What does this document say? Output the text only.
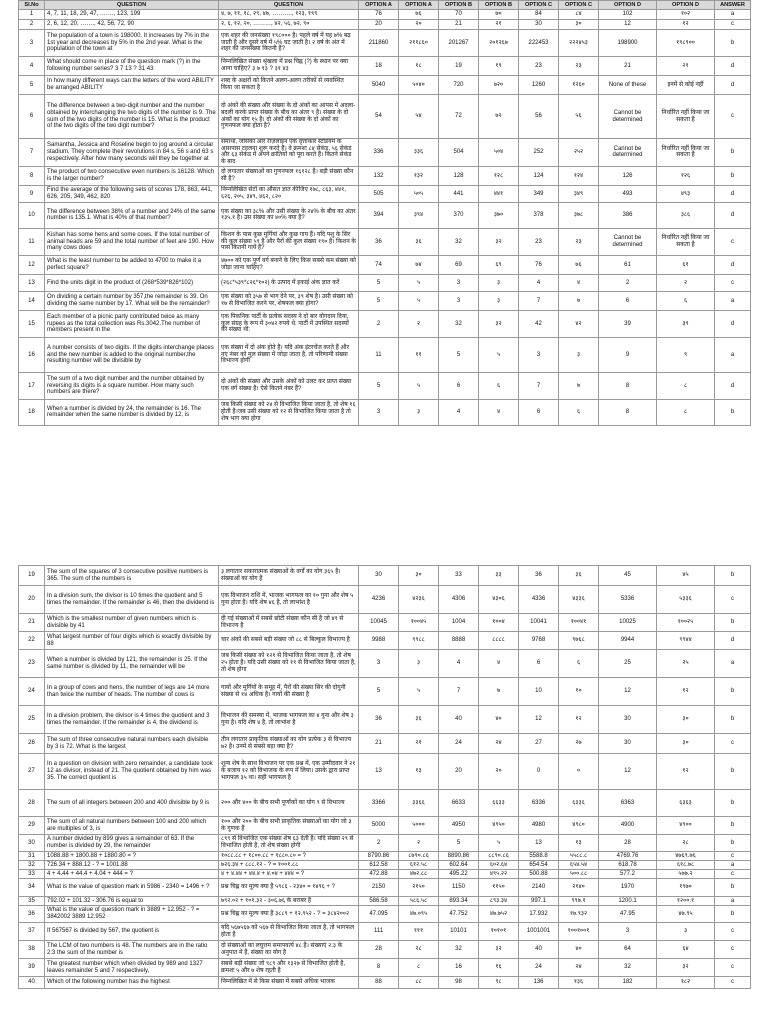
Sl.No	QUESTION	QUESTION	OPTION A	OPTION A	OPTION B	OPTION B	OPTION C	OPTION C	OPTION D	OPTION D	ANSWER
1	4, 7, 11, 18, 29, 47, ……., 123, 199	४, ७, ११, १८, २९, ४७, ………., १२३, १९९	76	७६	70	७०	84	८४	102	१०२	a
2	2, 6, 12, 20, ……., 42, 56, 72, 90	२, ६, १२, २०, ………, ४२, ५६, ७२, ९०	20	२०	21	२१	30	३०	12	१२	c
3	The population of a town is 198000. It increases by 7% in the 1st year and decreases by 5% in the 2nd year. What is the population of the town at	एक शहर की जनसंख्या १९८००० है। पहले वर्ष में यह ७% बढ़ जाती है और दूसरे वर्ष में ५% घट जाती है। २ वर्ष के अंत में शहर की जनसंख्या कितनी है?	211860	२११८६०	201267	२०१२६७	222453	२२२४५३	198900	१९८९००	b
4	What should come in place of the question mark (?) in the following number series? 3 7 13 ? 31 43	निम्नलिखित संख्या श्रृंखला में प्रश्न चिह्न (?) के स्थान पर क्या आना चाहिए? ३ ७ १३ ? ३१ ४३	18	१८	19	१९	23	२३	21	२१	d
5	In how many different ways can the letters of the word ABILITY be arranged ABILITY	शब्द के अक्षरों को कितने अलग-अलग तरीकों से व्यवस्थित किया जा सकता है	5040	५०४०	720	७२०	1260	१२६०	None of these	इनमें से कोई नहीं	d
6	The difference between a two-digit number and the number obtained by interchanging the two digits of the number is 9. The sum of the two digits of the number is 15. What is the product of the two digits of the two digit number?	दो अंकों की संख्या और संख्या के दो अंकों का आपस में अदला-बदली करके प्राप्त संख्या के बीच का अंतर ९ है। संख्या के दो अंकों का योग १५ है। दो अंकों की संख्या के दो अंकों का गुणनफल क्या होता है?	54	५४	72	७२	56	५६	Cannot be determined	निर्धारित नहीं किया जा सकता है	c
7	Samantha, Jessica and Roseline begin to jog around a circular stadium. They complete their revolutions in 84 s, 56 s and 63 s respectively. After how many seconds will they be together at	समांथा, जेसिका और रोज़लाइन एक वृत्ताकार स्टेडियम के आसपास टहलना शुरू करते हैं। वे क्रमशः ८४ सेकंड, ५६ सेकंड और ६३ सेकंड में अपने क्रांतियों को पूरा करते हैं। कितने सेकंड के बाद	336	३३६	504	५०४	252	२५२	Cannot be determined	निर्धारित नहीं किया जा सकता है	b
8	The product of two consecutive even numbers is 16128. Which is the larger number?	दो लगातार संख्याओं का गुणनफल १६१२८ है। बड़ी संख्या कौन सी है?	132	१३२	128	१२८	124	१२४	126	१२६	b
9	Find the average of the following sets of scores 178, 863, 441, 626, 205, 349, 462, 820	निम्नलिखित सेटों का औसत ज्ञात कीजिए १७८, ८६३, ४४१, ६२६, २०५, ३४९, ४६२, ८२०	505	५०५	441	४४१	349	३४९	493	४९३	d
10	The difference between 38% of a number and 24% of the same number is 135.1. What is 40% of that number?	एक संख्या का ३८% और उसी संख्या के २४% के बीच का अंतर १३५.१ है। उस संख्या का ४०% क्या है?	394	३९४	370	३७०	378	३७८	386	३८६	d
11	Kishan has some hens and some cows. If the total number of animal heads are 59 and the total number of feet are 190. How many cows does	किशन के पास कुछ मुर्गियां और कुछ गाय हैं। यदि पशु के सिर की कुल संख्या ५९ है और पैरों की कुल संख्या १९० है। किशन के पास कितनी गायें हैं?	36	३६	32	३२	23	२३	Cannot be determined	निर्धारित नहीं किया जा सकता है	c
12	What is the least number to be added to 4700 to make it a perfect square?	४७०० को एक पूर्ण वर्ग बनाने के लिए किस सबसे कम संख्या को जोड़ा जाना चाहिए?	74	७४	69	६९	76	७६	61	६१	d
13	Find the units digit in the product of (268*539*826*102)	(२६८*५३९*८२६*१०२) के उत्पाद में इकाई अंक ज्ञात करें	5	५	3	३	4	४	2	२	c
14	On dividing a certain number by 357,the remainder is 39. On dividing the same number by 17. What will be the remainder?	एक संख्या को ३५७ से भाग देने पर, ३९ शेष है। उसी संख्या को १७ से विभाजित करने पर, शेषफल क्या होगा?	5	५	3	३	7	७	6	६	a
15	Each member of a picnic party contributed twice as many rupees as the total collection was Rs.3042.The number of members present in the	एक पिकनिक पार्टी के प्रत्येक सदस्य ने दो बार योगदान दिया, कुल संग्रह के रूप में ३०४२ रुपये थे. पार्टी में उपस्थित सदस्यों की संख्या थी:	2	२	32	३२	42	४२	39	३९	d
16	A number consists of two digits. If the digits interchange places and the new number is added to the original number,the resulting number will be divisible by	एक संख्या में दो अंक होते हैं। यदि अंक इंटरचेंज करते हैं और नए नंबर को मूल संख्या में जोड़ा जाता है, तो परिणामी संख्या विभाज्य होगी	11	११	5	५	3	३	9	९	a
17	The sum of a two digit number and the number obtained by reversing its digits is a square number. How many such numbers are there?	दो अंकों की संख्या और उसके अंकों को उलट कर प्राप्त संख्या एक वर्ग संख्या है। ऐसे कितने नंबर हैं?	5	५	6	६	7	७	8	८	d
18	When a number is divided by 24, the remainder is 16. The remainder when the same number is divided by 12, is	जब किसी संख्या को २४ से विभाजित किया जाता है, तो शेष १६ होती है।जब उसी संख्या को १२ से विभाजित किया जाता है तो शेष भाग क्या होगा	3	३	4	४	6	६	8	८	b
19	The sum of the squares of 3 consecutive positive numbers is 365. The sum of the numbers is	३ लगातार सकारात्मक संख्याओं के वर्गों का योग ३६५ है। संख्याओं का योग है	30	३०	33	३३	36	३६	45	४५	b
20	In a division sum, the divisor is 10 times the quotient and 5 times the remainder. If the remainder is 46, then the dividend is	एक विभाजन राशि में, भाजक भागफल का १० गुना और शेष ५ गुना होता है। यदि शेष ४६ है, तो लाभांश है	4236	४२३६	4306	४३०६	4336	४३३६	5336	५३३६	c
21	Which is the smallest number of given numbers which is divisible by 41	दी गई संख्याओं में सबसे छोटी संख्या कौन सी है जो ४१ से विभाज्य है	10045	१००४५	1004	१००४	10041	१००४१	10025	१००२५	b
22	What largest number of four digits which is exactly divisible by 88	चार अंकों की सबसे बड़ी संख्या जो ८८ से बिल्कुल विभाज्य है	9988	९९८८	8888	८८८८	9768	९७६८	9944	९९४४	d
23	When a number is divided by 121, the remainder is 25. If the same number is divided by 11, the remainder will be	जब किसी संख्या को १२१ से विभाजित किया जाता है, तो शेष २५ होता है। यदि उसी संख्या को ११ से विभाजित किया जाता है, तो शेष होगा	3	३	4	४	6	६	25	२५	a
24	In a group of cows and hens, the number of legs are 14 more than twice the number of heads. The number of cows is	गायों और मुर्गियों के समूह में, पैरों की संख्या सिर की दोगुनी संख्या से १४ अधिक है। गायों की संख्या है	5	५	7	७	10	१०	12	१२	b
25	In a division problem, the divisor is 4 times the quotient and 3 times the remainder. If the remainder is 4, the dividend is	विभाजन की समस्या में, भाजक भागफल का ४ गुना और शेष ३ गुना है। यदि शेष ४ है, तो लाभांश है	36	३६	40	४०	12	१२	30	३०	b
26	The sum of three consecutive natural numbers each divisible by 3 is 72. What is the largest	तीन लगातार प्राकृतिक संख्याओं का योग प्रत्येक ३ से विभाज्य ७२ है। उनमें से सबसे बड़ा क्या है?	21	२१	24	२४	27	२७	30	३०	c
27	In a question on division with zero remainder, a candidate took 12 as divisor, instead of 21. The quotient obtained by him was 35. The correct quotient is	शून्य शेष के साथ विभाजन पर एक प्रश्न में, एक उम्मीदवार ने २१ के बजाय १२ को विभाजक के रूप में लिया। उसके द्वारा प्राप्त भागफल ३५ था। सही भागफल है	13	१३	20	२०	0	०	12	१२	b
28	The sum of all integers between 200 and 400 divisible by 9 is	२०० और ४०० के बीच सभी पूर्णांकों का योग ९ से विभाज्य	3366	३३६६	6633	६६३३	6336	६३३६	6363	६३६३	b
29	The sum of all natural numbers between 100 and 200 which are multiples of 3, is	१०० और २०० के बीच सभी प्राकृतिक संख्याओं का योग जो ३ के गुणक हैं	5000	५०००	4950	४९५०	4980	४९८०	4900	४९००	b
30	A number divided by 899 gives a remainder of 63. If the number is divided by 29, the remainder	८९९ से विभाजित एक संख्या शेष ६३ देती है। यदि संख्या २९ से विभाजित होती है, तो शेष संख्या होगी	2	२	5	५	13	१३	28	२८	b
31	1088.88 + 1800.88 + 1880.80 = ?	१०८८.८८ + १८००.८८ + १८८०.८० = ?	8790.86	८७९०.८६	8890.86	८८९०.८६	5588.8	५५८८.८	4769.76	४७६९.७६	c
32	726.34 + 888.12 - ? = 1001.88	७२६.३४ + ८८८.१२ - ? = १००१.८८	612.58	६१२.५८	602.64	६०२.६४	654.54	६५४.५४	618.78	६१८.७८	a
33	4 + 4.44 + 44.4 + 4.04 + 444 = ?	४ + ४.४४ + ४४.४ + ४.०४ + ४४४ = ?	472.88	४७२.८८	495.22	४९५.२२	500.88	५००.८८	577.2	५७७.२	c
34	What is the value of question mark in 5986 - 2340 = 1496 + ?	प्रश्न चिह्न का मूल्य क्या है ५९८६ - २३४० = १४९६ + ?	2150	२१५०	1150	११५०	2140	२१४०	1970	१९७०	b
35	792.02 + 101.32 - 306.76 is equal to	७९२.०२ + १०१.३२ - ३०६.७६ के बराबर है	586.58	५८६.५८	893.34	८९३.३४	997.1	९९७.१	1200.1	१२००.१	a
36	What is the value of question mark in 3889 + 12.952 - ? = 3842002 3889 12.952	प्रश्न चिह्न का मूल्य क्या है ३८८९ + १२.९५२ - ? = ३८४२००२	47.095	४७.०९५	47.752	४७.७५२	17.932	१७.९३२	47.95	४७.९५	b
37	If 567567 is divided by 567, the quotient is	यदि ५६७५६७ को ५६७ से विभाजित किया जाता है, तो भागफल होता है	111	१११	10101	१०१०१	1001001	१००१००१	3	३	c
38	The LCM of two numbers is 48. The numbers are in the ratio 2:3 the sum of the number is	दो संख्याओं का लघुत्तम समापवर्त्य ४८ है। संख्याएं २:३ के अनुपात में हैं, संख्या का योग है	28	२८	32	३२	40	४०	64	६४	c
39	The greatest number which when divided by 989 and 1327 leaves remainder 5 and 7 respectively,	सबसे बड़ी संख्या जो ९८९ और १३२७ से विभाजित होती है, क्रमशः ५ और ७ शेष रहती है	8	८	16	१६	24	२४	32	३२	c
40	Which of the following number has the highest	निम्नलिखित में से किस संख्या में सबसे अधिक भाजक	88	८८	98	९८	136	१३६	182	१८२	c
